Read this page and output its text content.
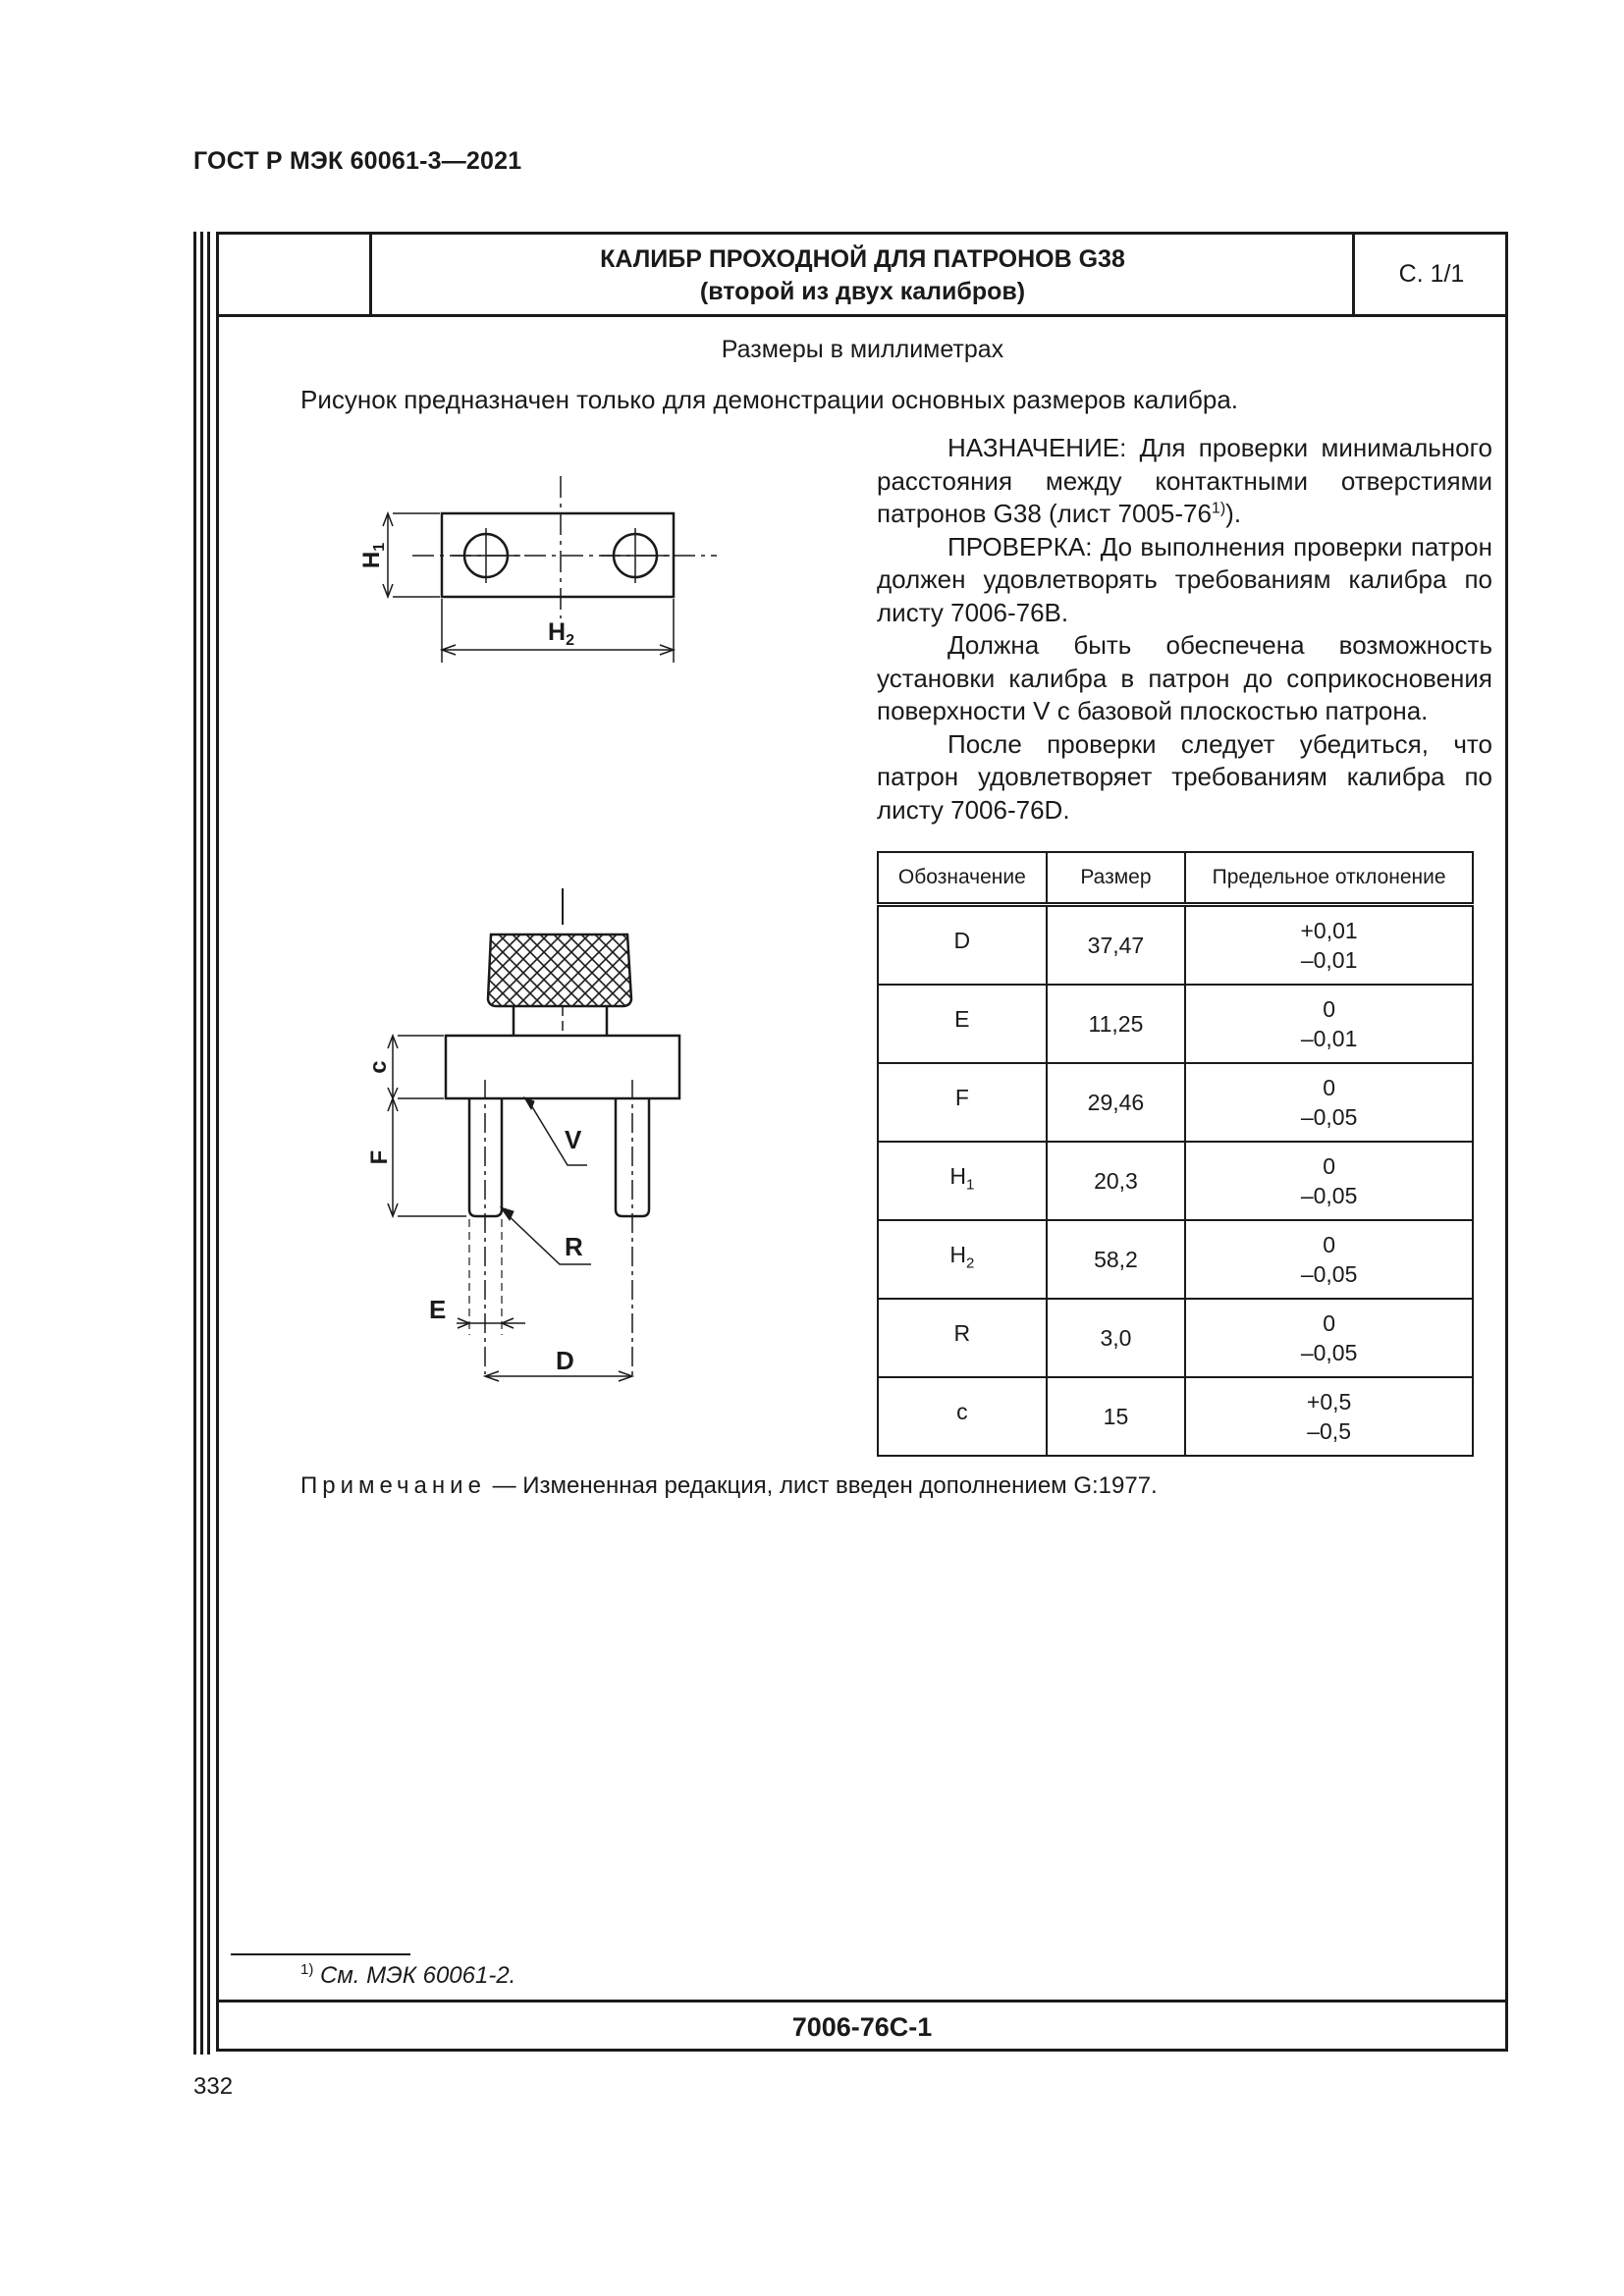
ГОСТ Р МЭК 60061-3—2021
КАЛИБР ПРОХОДНОЙ ДЛЯ ПАТРОНОВ G38
(второй из двух калибров)
С. 1/1
Размеры в миллиметрах
Рисунок предназначен только для демонстрации основных размеров калибра.

НАЗНАЧЕНИЕ: Для проверки минимального расстояния между контактными отверстиями патронов G38 (лист 7005-76$^{1)}$).

ПРОВЕРКА: До выполнения проверки патрон должен удовлетворять требованиям калибра по листу 7006-76В.

Должна быть обеспечена возможность установки калибра в патрон до соприкосновения поверхности V с базовой плоскостью патрона.

После проверки следует убедиться, что патрон удовлетворяет требованиям калибра по листу 7006-76D.

$H_1$
$H_2$
c
F
V
R
E
D
Обозначение	Размер	Предельное отклонение
D	37,47	+0,01
–0,01

E	11,25	0
–0,01

F	29,46	0
–0,05

$H_1$	20,3	0
–0,05

$H_2$	58,2	0
–0,05

R	3,0	0
–0,05

c	15	+0,5
–0,5
Примечание — Измененная редакция, лист введен дополнением G:1977.
$^{1)}$ См. МЭК 60061-2.
7006-76C-1
332
